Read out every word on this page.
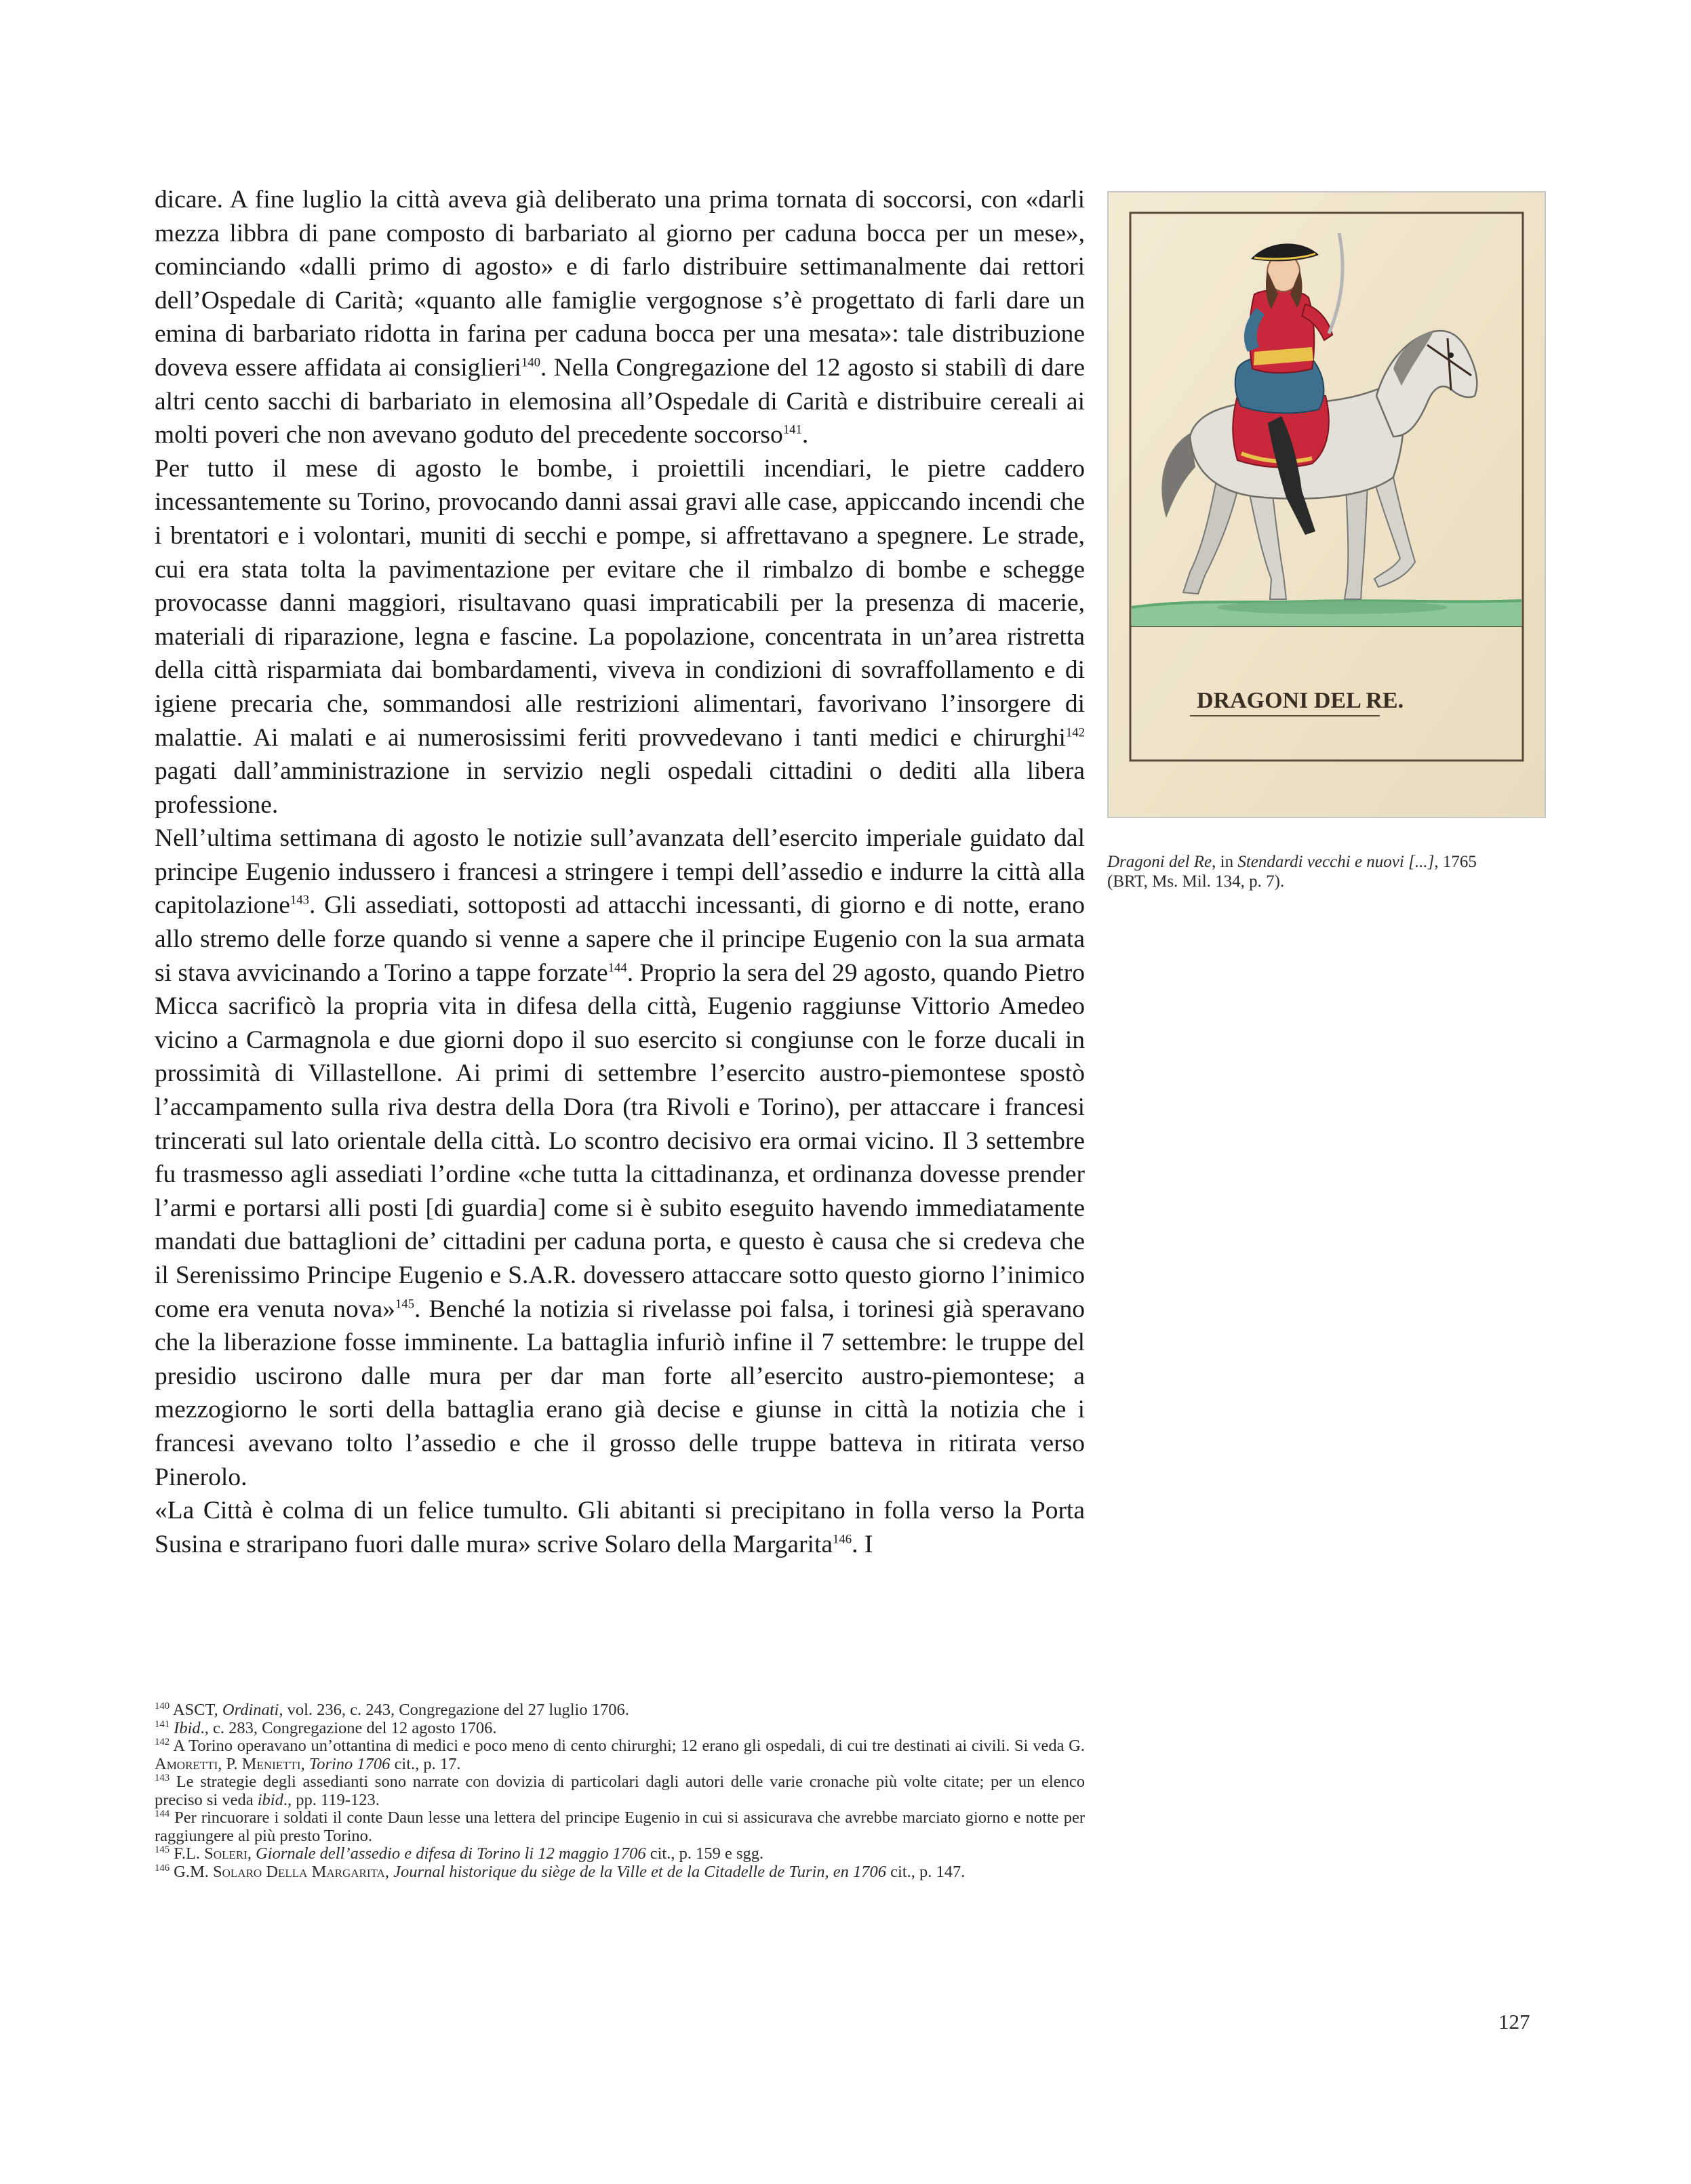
dicare. A fine luglio la città aveva già deliberato una prima tornata di soccorsi, con «darli mezza libbra di pane composto di barbariato al giorno per caduna bocca per un mese», cominciando «dalli primo di agosto» e di farlo distribuire settimanalmente dai rettori dell’Ospedale di Carità; «quanto alle famiglie vergognose s’è progettato di farli dare un emina di barbariato ridotta in farina per caduna bocca per una mesata»: tale distribuzione doveva essere affidata ai consiglieri$^{140}$. Nella Congregazione del 12 agosto si stabilì di dare altri cento sacchi di barbariato in elemosina all’Ospedale di Carità e distribuire cereali ai molti poveri che non avevano goduto del precedente soccorso$^{141}$.

Per tutto il mese di agosto le bombe, i proiettili incendiari, le pietre caddero incessantemente su Torino, provocando danni assai gravi alle case, appiccando incendi che i brentatori e i volontari, muniti di secchi e pompe, si affrettavano a spegnere. Le strade, cui era stata tolta la pavimentazione per evitare che il rimbalzo di bombe e schegge provocasse danni maggiori, risultavano quasi impraticabili per la presenza di macerie, materiali di riparazione, legna e fascine. La popolazione, concentrata in un’area ristretta della città risparmiata dai bombardamenti, viveva in condizioni di sovraffollamento e di igiene precaria che, sommandosi alle restrizioni alimentari, favorivano l’insorgere di malattie. Ai malati e ai numerosissimi feriti provvedevano i tanti medici e chirurghi$^{142}$ pagati dall’amministrazione in servizio negli ospedali cittadini o dediti alla libera professione.

Nell’ultima settimana di agosto le notizie sull’avanzata dell’esercito imperiale guidato dal principe Eugenio indussero i francesi a stringere i tempi dell’assedio e indurre la città alla capitolazione$^{143}$. Gli assediati, sottoposti ad attacchi incessanti, di giorno e di notte, erano allo stremo delle forze quando si venne a sapere che il principe Eugenio con la sua armata si stava avvicinando a Torino a tappe forzate$^{144}$. Proprio la sera del 29 agosto, quando Pietro Micca sacrificò la propria vita in difesa della città, Eugenio raggiunse Vittorio Amedeo vicino a Carmagnola e due giorni dopo il suo esercito si congiunse con le forze ducali in prossimità di Villastellone. Ai primi di settembre l’esercito austro-piemontese spostò l’accampamento sulla riva destra della Dora (tra Rivoli e Torino), per attaccare i francesi trincerati sul lato orientale della città. Lo scontro decisivo era ormai vicino. Il 3 settembre fu trasmesso agli assediati l’ordine «che tutta la cittadinanza, et ordinanza dovesse prender l’armi e portarsi alli posti [di guardia] come si è subito eseguito havendo immediatamente mandati due battaglioni de’ cittadini per caduna porta, e questo è causa che si credeva che il Serenissimo Principe Eugenio e S.A.R. dovessero attaccare sotto questo giorno l’inimico come era venuta nova»$^{145}$. Benché la notizia si rivelasse poi falsa, i torinesi già speravano che la liberazione fosse imminente. La battaglia infuriò infine il 7 settembre: le truppe del presidio uscirono dalle mura per dar man forte all’esercito austro-piemontese; a mezzogiorno le sorti della battaglia erano già decise e giunse in città la notizia che i francesi avevano tolto l’assedio e che il grosso delle truppe batteva in ritirata verso Pinerolo.

«La Città è colma di un felice tumulto. Gli abitanti si precipitano in folla verso la Porta Susina e straripano fuori dalle mura» scrive Solaro della Margarita$^{146}$. I

DRAGONI DEL RE.

Dragoni del Re, in Stendardi vecchi e nuovi [...], 1765

(BRT, Ms. Mil. 134, p. 7).

$^{140}$ ASCT, Ordinati, vol. 236, c. 243, Congregazione del 27 luglio 1706.

$^{141}$ Ibid., c. 283, Congregazione del 12 agosto 1706.

$^{142}$ A Torino operavano un’ottantina di medici e poco meno di cento chirurghi; 12 erano gli ospedali, di cui tre destinati ai civili. Si veda G. Amoretti, P. Menietti, Torino 1706 cit., p. 17.

$^{143}$ Le strategie degli assedianti sono narrate con dovizia di particolari dagli autori delle varie cronache più volte citate; per un elenco preciso si veda ibid., pp. 119-123.

$^{144}$ Per rincuorare i soldati il conte Daun lesse una lettera del principe Eugenio in cui si assicurava che avrebbe marciato giorno e notte per raggiungere al più presto Torino.

$^{145}$ F.L. Soleri, Giornale dell’assedio e difesa di Torino li 12 maggio 1706 cit., p. 159 e sgg.

$^{146}$ G.M. Solaro Della Margarita, Journal historique du siège de la Ville et de la Citadelle de Turin, en 1706 cit., p. 147.

127
